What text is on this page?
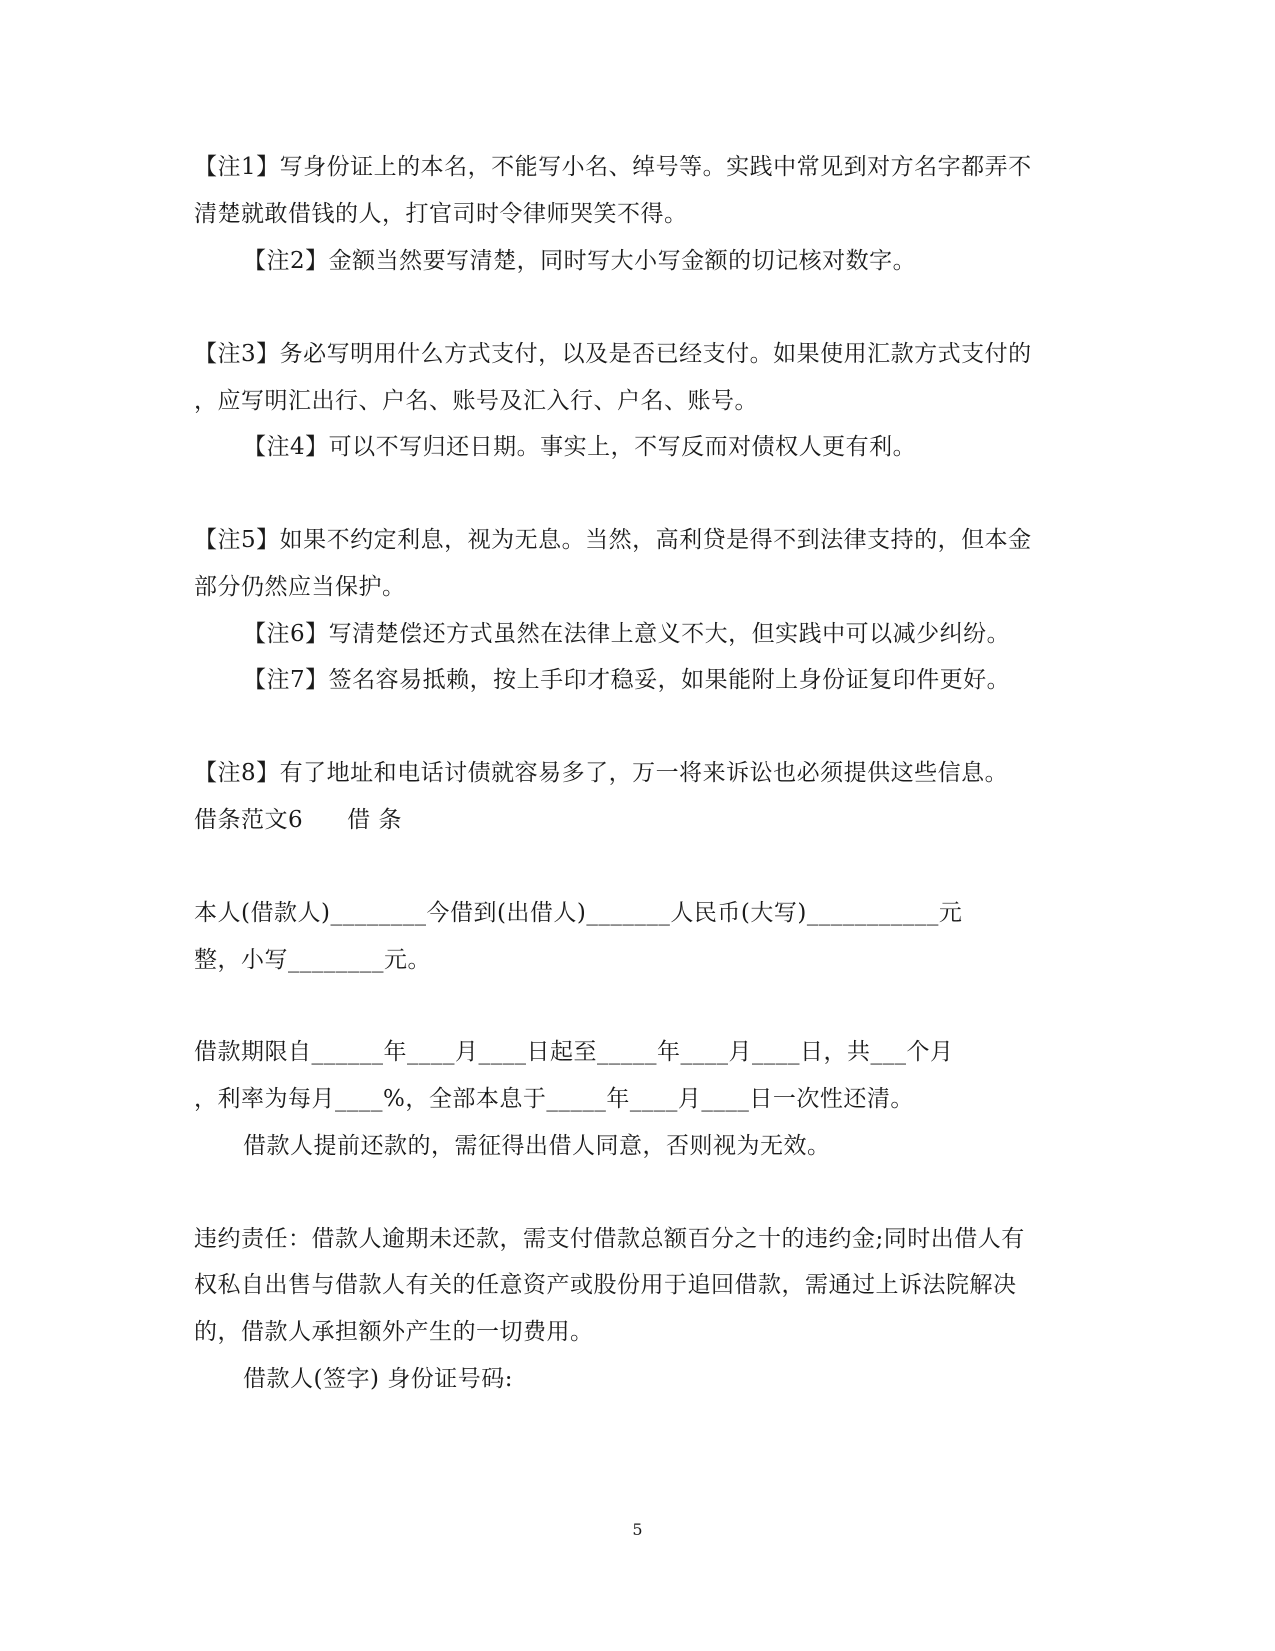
【注1】写身份证上的本名，不能写小名、绰号等。实践中常见到对方名字都弄不
清楚就敢借钱的人，打官司时令律师哭笑不得。
【注2】金额当然要写清楚，同时写大小写金额的切记核对数字。
【注3】务必写明用什么方式支付，以及是否已经支付。如果使用汇款方式支付的
，应写明汇出行、户名、账号及汇入行、户名、账号。
【注4】可以不写归还日期。事实上，不写反而对债权人更有利。
【注5】如果不约定利息，视为无息。当然，高利贷是得不到法律支持的，但本金
部分仍然应当保护。
【注6】写清楚偿还方式虽然在法律上意义不大，但实践中可以减少纠纷。
【注7】签名容易抵赖，按上手印才稳妥，如果能附上身份证复印件更好。
【注8】有了地址和电话讨债就容易多了，万一将来诉讼也必须提供这些信息。
借条范文6 借 条
本人(借款人)________今借到(出借人)_______人民币(大写)___________元
整，小写________元。
借款期限自______年____月____日起至_____年____月____日，共___个月
，利率为每月____%，全部本息于_____年____月____日一次性还清。
借款人提前还款的，需征得出借人同意，否则视为无效。
违约责任：借款人逾期未还款，需支付借款总额百分之十的违约金;同时出借人有
权私自出售与借款人有关的任意资产或股份用于追回借款，需通过上诉法院解决
的，借款人承担额外产生的一切费用。
借款人(签字) 身份证号码:
5
